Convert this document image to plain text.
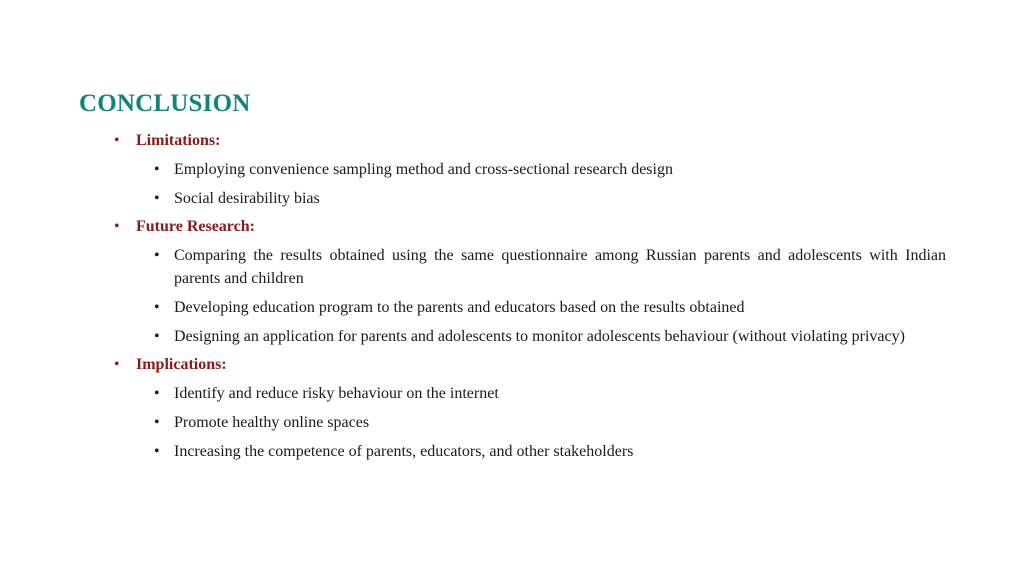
CONCLUSION
• Limitations:
• Employing convenience sampling method and cross-sectional research design
• Social desirability bias
• Future Research:
• Comparing the results obtained using the same questionnaire among Russian parents and adolescents with Indian parents and children
• Developing education program to the parents and educators based on the results obtained
• Designing an application for parents and adolescents to monitor adolescents behaviour (without violating privacy)
• Implications:
• Identify and reduce risky behaviour on the internet
• Promote healthy online spaces
• Increasing the competence of parents, educators, and other stakeholders
